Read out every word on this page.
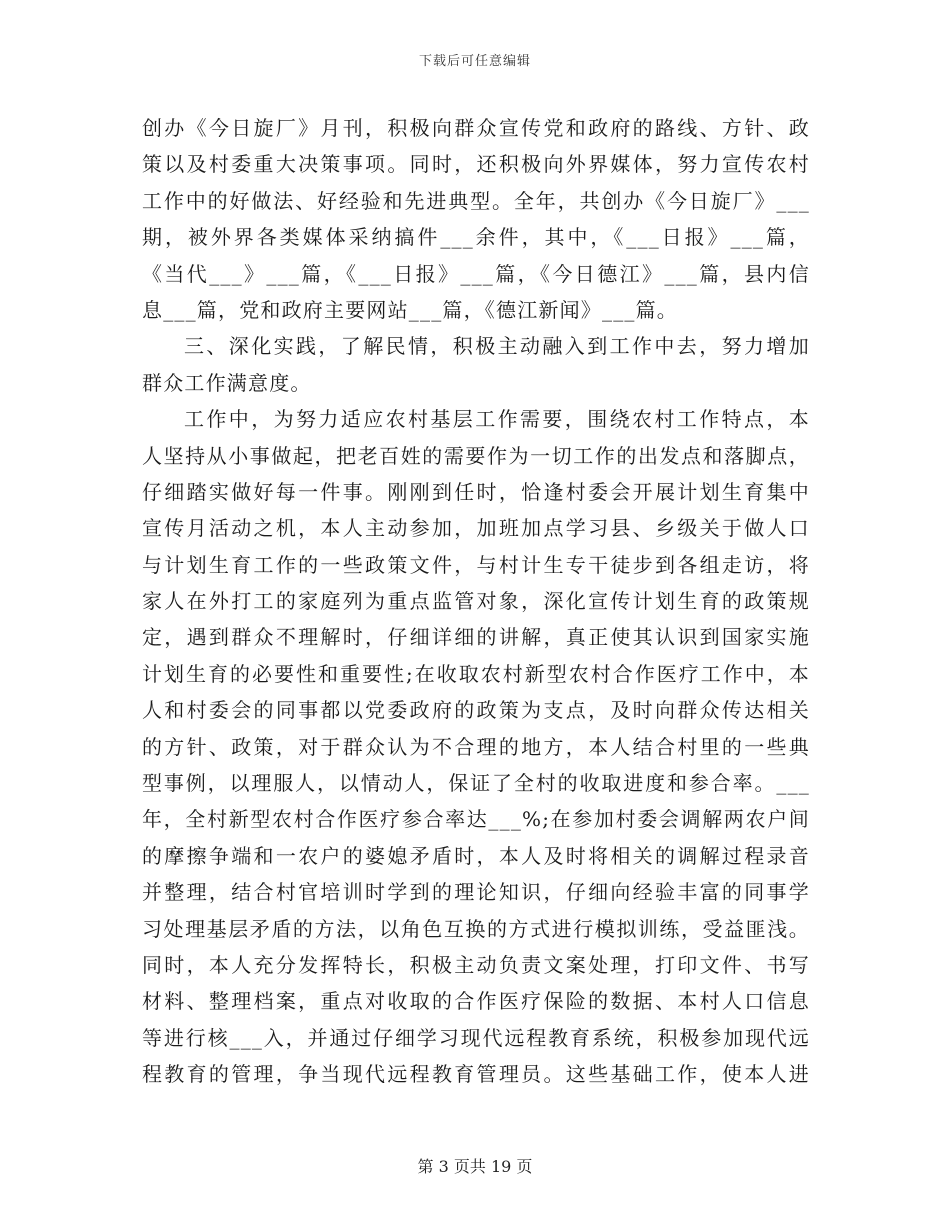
下载后可任意编辑
创办《今日旋厂》月刊，积极向群众宣传党和政府的路线、方针、政
策以及村委重大决策事项。同时，还积极向外界媒体，努力宣传农村
工作中的好做法、好经验和先进典型。全年，共创办《今日旋厂》___
期，被外界各类媒体采纳搞件___余件，其中，《___日报》___篇，
《当代___》___篇，《___日报》___篇，《今日德江》___篇，县内信
息___篇，党和政府主要网站___篇，《德江新闻》___篇。
三、深化实践，了解民情，积极主动融入到工作中去，努力增加
群众工作满意度。
工作中，为努力适应农村基层工作需要，围绕农村工作特点，本
人坚持从小事做起，把老百姓的需要作为一切工作的出发点和落脚点，
仔细踏实做好每一件事。刚刚到任时，恰逢村委会开展计划生育集中
宣传月活动之机，本人主动参加，加班加点学习县、乡级关于做人口
与计划生育工作的一些政策文件，与村计生专干徒步到各组走访，将
家人在外打工的家庭列为重点监管对象，深化宣传计划生育的政策规
定，遇到群众不理解时，仔细详细的讲解，真正使其认识到国家实施
计划生育的必要性和重要性;在收取农村新型农村合作医疗工作中，本
人和村委会的同事都以党委政府的政策为支点，及时向群众传达相关
的方针、政策，对于群众认为不合理的地方，本人结合村里的一些典
型事例，以理服人，以情动人，保证了全村的收取进度和参合率。___
年，全村新型农村合作医疗参合率达___%;在参加村委会调解两农户间
的摩擦争端和一农户的婆媳矛盾时，本人及时将相关的调解过程录音
并整理，结合村官培训时学到的理论知识，仔细向经验丰富的同事学
习处理基层矛盾的方法，以角色互换的方式进行模拟训练，受益匪浅。
同时，本人充分发挥特长，积极主动负责文案处理，打印文件、书写
材料、整理档案，重点对收取的合作医疗保险的数据、本村人口信息
等进行核___入，并通过仔细学习现代远程教育系统，积极参加现代远
程教育的管理，争当现代远程教育管理员。这些基础工作，使本人进
第 3 页共 19 页
